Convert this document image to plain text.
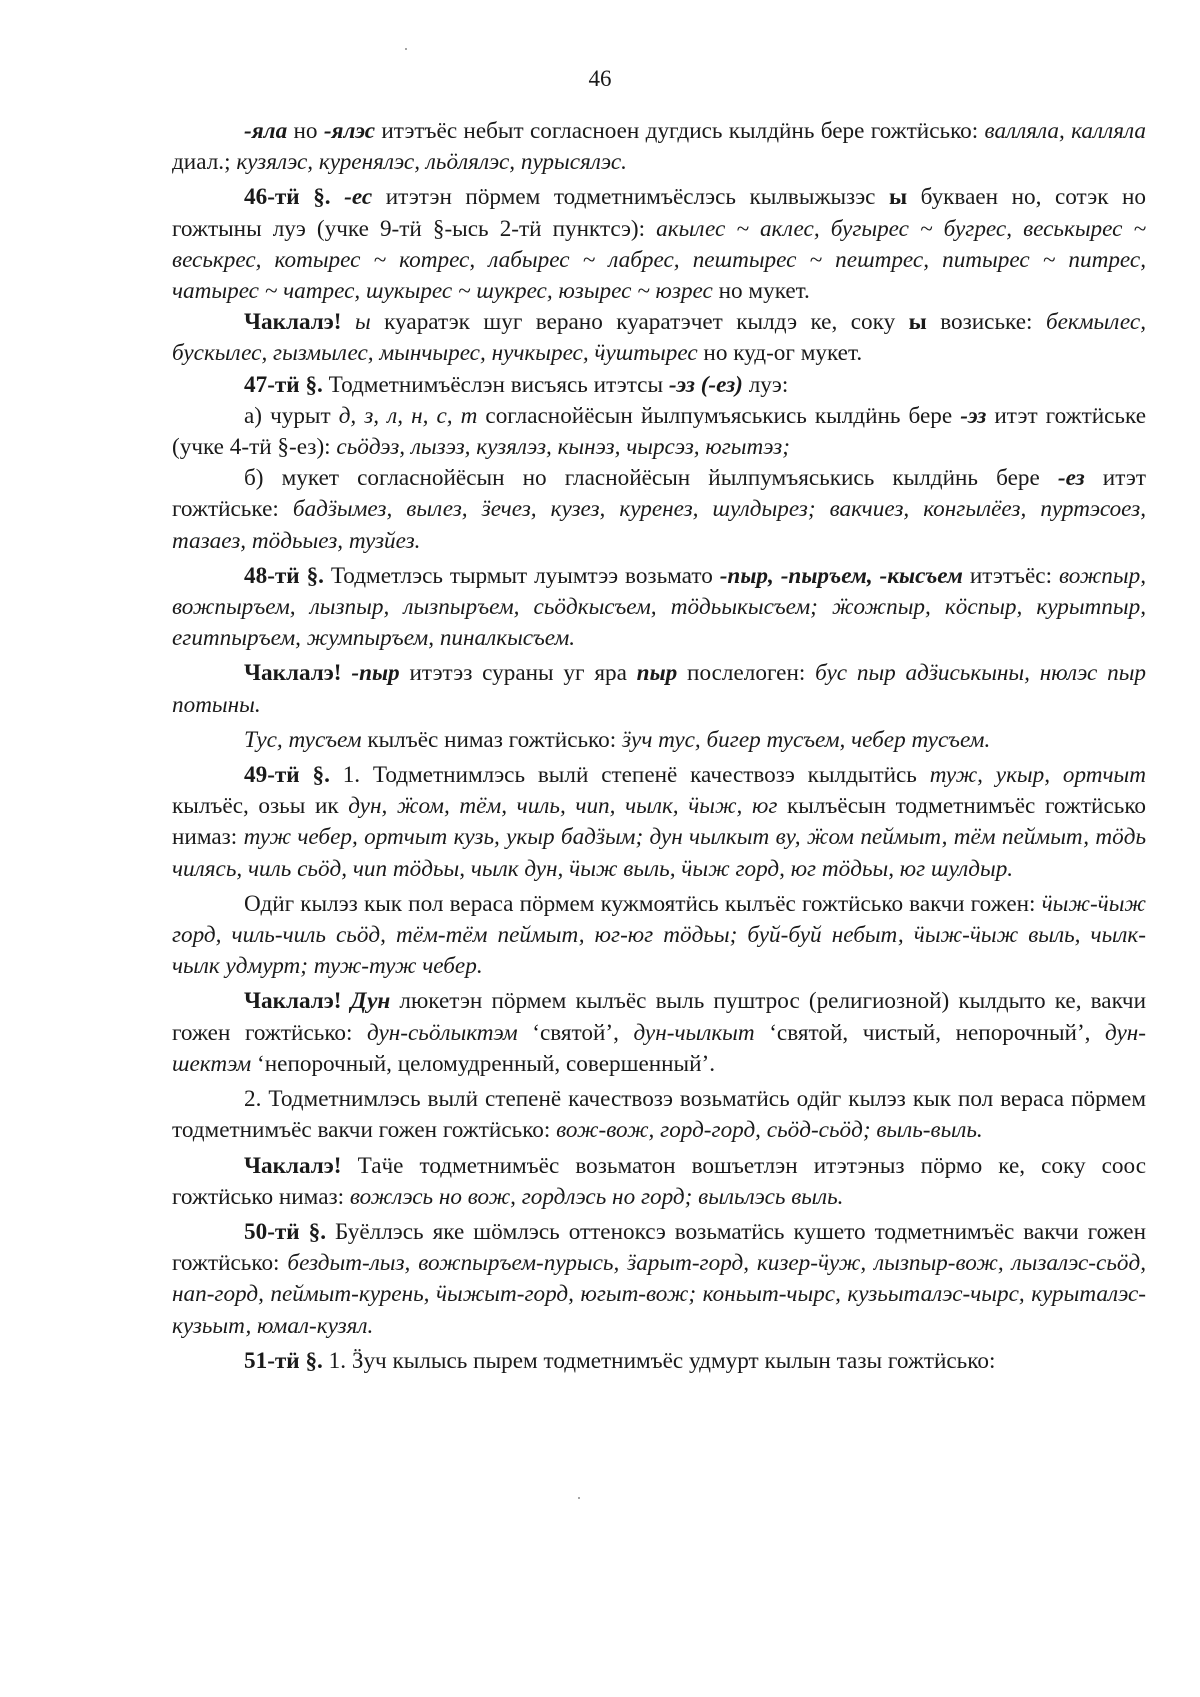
46

-яла но -ялэс итэтъёс небыт согласноен дугдись кылдӥнь бере гожтӥсько: валляла, калляла диал.; кузялэс, куренялэс, льӧлялэс, пурысялэс.

46-тӥ §. -ес итэтэн пӧрмем тодметнимъёслэсь кылвыжызэс ы букваен но, сотэк но гожтыны луэ (учке 9-тӥ §-ысь 2-тӥ пунктсэ): акылес ~ аклес, бугырес ~ бугрес, веськырес ~ веськрес, котырес ~ котрес, лабырес ~ лабрес, пештырес ~ пештрес, питырес ~ питрес, чатырес ~ чатрес, шукырес ~ шукрес, юзырес ~ юзрес но мукет.

Чаклалэ! ы куаратэк шуг верано куаратэчет кылдэ ке, соку ы возиське: бекмылес, бускылес, гызмылес, мынчырес, нучкырес, ӵуштырес но куд-ог мукет.

47-тӥ §. Тодметнимъёслэн висъясь итэтсы -эз (-ез) луэ:

а) чурыт д, з, л, н, с, т согласнойёсын йылпумъяськись кылдӥнь бере -эз итэт гожтӥське (учке 4-тӥ §-ез): сьӧдэз, лызэз, кузялэз, кынэз, чырсэз, югытэз;

б) мукет согласнойёсын но гласнойёсын йылпумъяськись кылдӥнь бере -ез итэт гожтӥське: бадӟымез, вылез, ӟечез, кузез, куренез, шулдырез; вакчиез, конгылёез, пуртэсоез, тазаез, тӧдьыез, тузйез.

48-тӥ §. Тодметлэсь тырмыт луымтээ возьмато -пыр, -пыръем, -кысъем итэтъёс: вожпыр, вожпыръем, лызпыр, лызпыръем, сьӧдкысъем, тӧдьыкысъем; ӝожпыр, кӧспыр, курытпыр, егитпыръем, жумпыръем, пиналкысъем.

Чаклалэ! -пыр итэтэз сураны уг яра пыр послелоген: бус пыр адӟиськыны, нюлэс пыр потыны.

Тус, тусъем кылъёс нимаз гожтӥсько: ӟуч тус, бигер тусъем, чебер тусъем.

49-тӥ §. 1. Тодметнимлэсь вылӥ степенё качествозэ кылдытӥсь туж, укыр, ортчыт кылъёс, озьы ик дун, ӝом, тём, чиль, чип, чылк, ӵыж, юг кылъёсын тодметнимъёс гожтӥсько нимаз: туж чебер, ортчыт кузь, укыр бадӟым; дун чылкыт ву, ӝом пеймыт, тём пеймыт, тӧдь чилясь, чиль сьӧд, чип тӧдьы, чылк дун, ӵыж выль, ӵыж горд, юг тӧдьы, юг шулдыр.

Одӥг кылэз кык пол вераса пӧрмем кужмоятӥсь кылъёс гожтӥсько вакчи гожен: ӵыж-ӵыж горд, чиль-чиль сьӧд, тём-тём пеймыт, юг-юг тӧдьы; буй-буй небыт, ӵыж-ӵыж выль, чылк-чылк удмурт; туж-туж чебер.

Чаклалэ! Дун люкетэн пӧрмем кылъёс выль пуштрос (религиозной) кылдыто ке, вакчи гожен гожтӥсько: дун-сьӧлыктэм ‘святой’, дун-чылкыт ‘святой, чистый, непорочный’, дун-шектэм ‘непорочный, целомудренный, совершенный’.

2. Тодметнимлэсь вылӥ степенё качествозэ возьматӥсь одӥг кылэз кык пол вераса пӧрмем тодметнимъёс вакчи гожен гожтӥсько: вож-вож, горд-горд, сьӧд-сьӧд; выль-выль.

Чаклалэ! Таӵе тодметнимъёс возьматон вошъетлэн итэтэныз пӧрмо ке, соку соос гожтӥсько нимаз: вожлэсь но вож, гордлэсь но горд; выльлэсь выль.

50-тӥ §. Буёллэсь яке шӧмлэсь оттеноксэ возьматӥсь кушето тодметнимъёс вакчи гожен гожтӥсько: бездыт-лыз, вожпыръем-пурысь, ӟарыт-горд, кизер-ӵуж, лызпыр-вож, лызалэс-сьӧд, нап-горд, пеймыт-курень, ӵыжыт-горд, югыт-вож; коньыт-чырс, кузьыталэс-чырс, курыталэс-кузьыт, юмал-кузял.

51-тӥ §. 1. Ӟуч кылысь пырем тодметнимъёс удмурт кылын тазы гожтӥсько:
